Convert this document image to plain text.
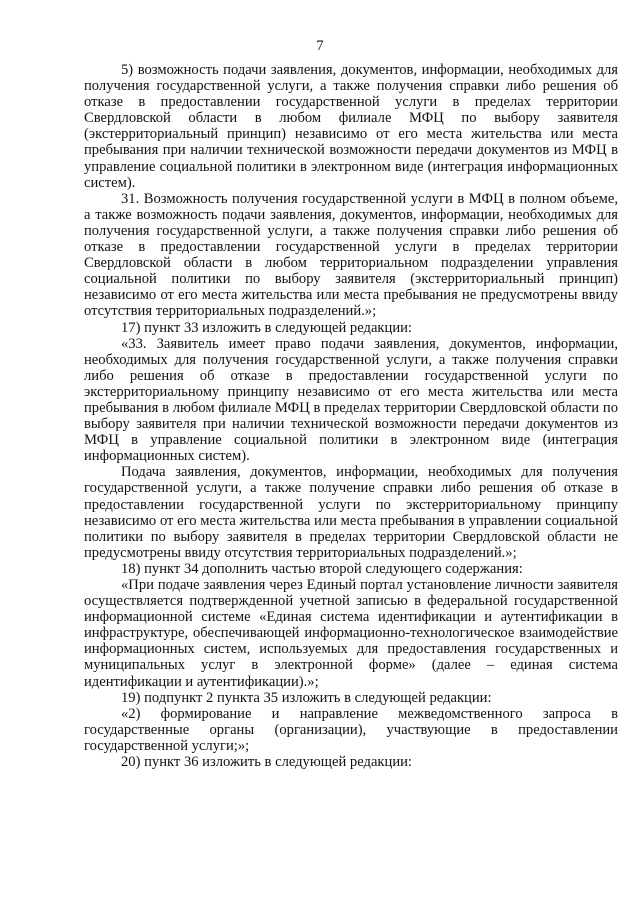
7

5) возможность подачи заявления, документов, информации, необходимых для получения государственной услуги, а также получения справки либо решения об отказе в предоставлении государственной услуги в пределах территории Свердловской области в любом филиале МФЦ по выбору заявителя (экстерриториальный принцип) независимо от его места жительства или места пребывания при наличии технической возможности передачи документов из МФЦ в управление социальной политики в электронном виде (интеграция информационных систем).

31. Возможность получения государственной услуги в МФЦ в полном объеме, а также возможность подачи заявления, документов, информации, необходимых для получения государственной услуги, а также получения справки либо решения об отказе в предоставлении государственной услуги в пределах территории Свердловской области в любом территориальном подразделении управления социальной политики по выбору заявителя (экстерриториальный принцип) независимо от его места жительства или места пребывания не предусмотрены ввиду отсутствия территориальных подразделений.»;

17) пункт 33 изложить в следующей редакции:

«33. Заявитель имеет право подачи заявления, документов, информации, необходимых для получения государственной услуги, а также получения справки либо решения об отказе в предоставлении государственной услуги по экстерриториальному принципу независимо от его места жительства или места пребывания в любом филиале МФЦ в пределах территории Свердловской области по выбору заявителя при наличии технической возможности передачи документов из МФЦ в управление социальной политики в электронном виде (интеграция информационных систем).

Подача заявления, документов, информации, необходимых для получения государственной услуги, а также получение справки либо решения об отказе в предоставлении государственной услуги по экстерриториальному принципу независимо от его места жительства или места пребывания в управлении социальной политики по выбору заявителя в пределах территории Свердловской области не предусмотрены ввиду отсутствия территориальных подразделений.»;

18) пункт 34 дополнить частью второй следующего содержания:

«При подаче заявления через Единый портал установление личности заявителя осуществляется подтвержденной учетной записью в федеральной государственной информационной системе «Единая система идентификации и аутентификации в инфраструктуре, обеспечивающей информационно-технологическое взаимодействие информационных систем, используемых для предоставления государственных и муниципальных услуг в электронной форме» (далее – единая система идентификации и аутентификации).»;

19) подпункт 2 пункта 35 изложить в следующей редакции:

«2) формирование и направление межведомственного запроса в государственные органы (организации), участвующие в предоставлении государственной услуги;»;

20) пункт 36 изложить в следующей редакции:
